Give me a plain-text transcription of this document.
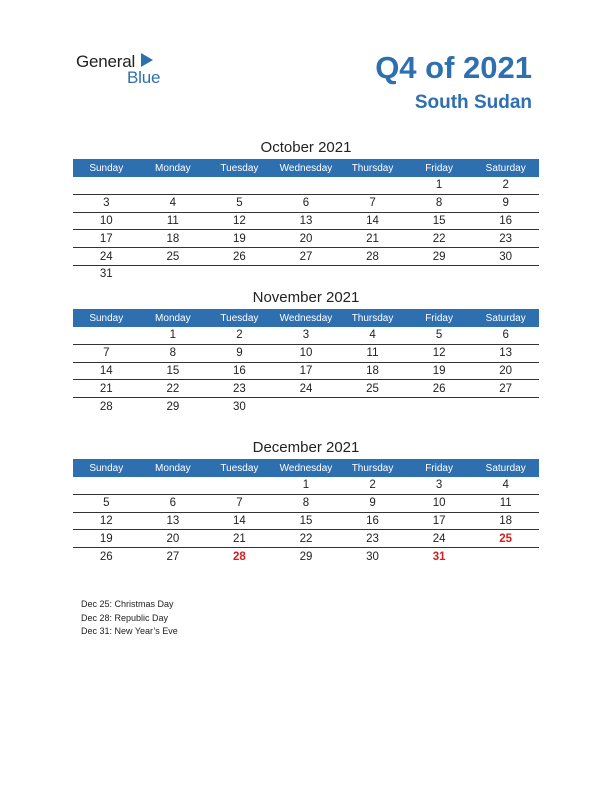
General
Blue	Q4 of 2021
South Sudan
October 2021
Sunday	Monday	Tuesday	Wednesday	Thursday	Friday	Saturday
					1	2
3	4	5	6	7	8	9
10	11	12	13	14	15	16
17	18	19	20	21	22	23
24	25	26	27	28	29	30
31						
November 2021
Sunday	Monday	Tuesday	Wednesday	Thursday	Friday	Saturday
	1	2	3	4	5	6
7	8	9	10	11	12	13
14	15	16	17	18	19	20
21	22	23	24	25	26	27
28	29	30				
December 2021
Sunday	Monday	Tuesday	Wednesday	Thursday	Friday	Saturday
			1	2	3	4
5	6	7	8	9	10	11
12	13	14	15	16	17	18
19	20	21	22	23	24	25
26	27	28	29	30	31	
Dec 25: Christmas Day
Dec 28: Republic Day
Dec 31: New Year’s Eve
